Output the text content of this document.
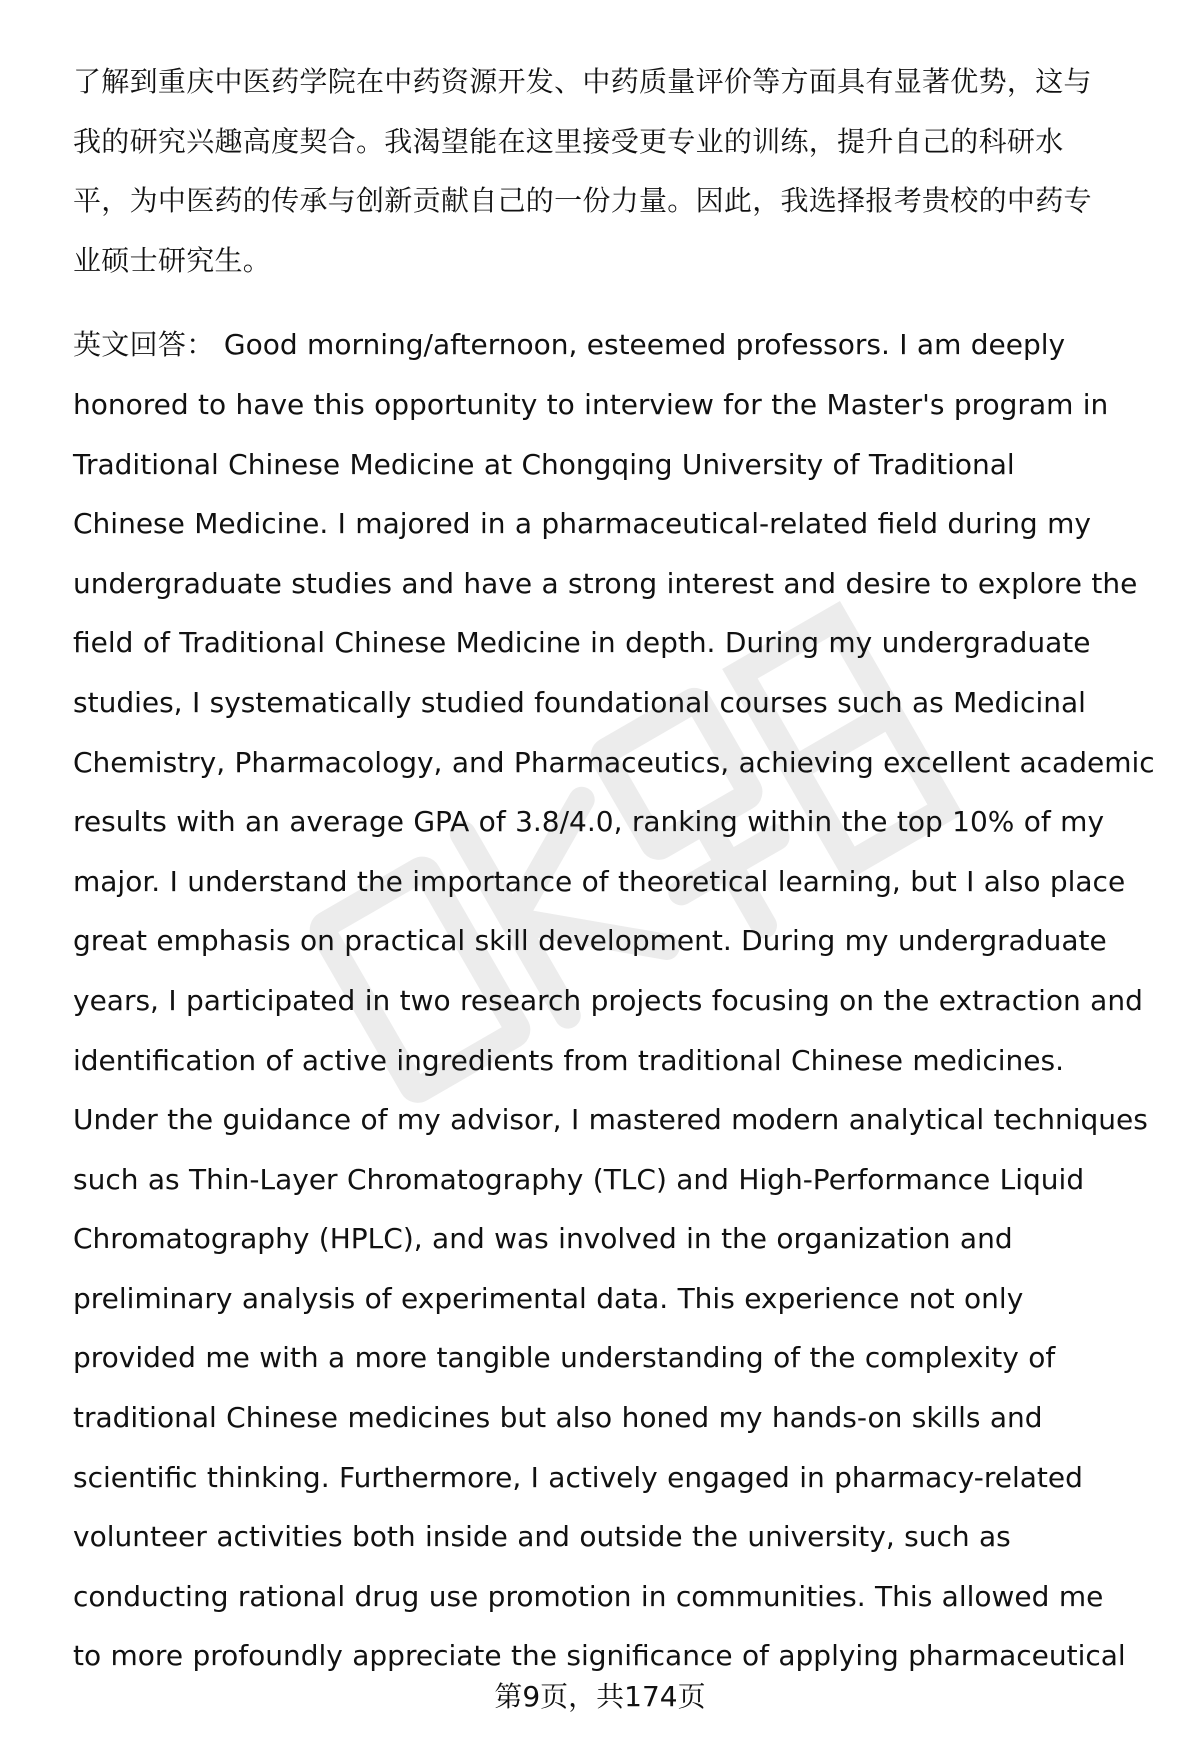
了解到重庆中医药学院在中药资源开发、中药质量评价等方面具有显著优势，这与
我的研究兴趣高度契合。我渴望能在这里接受更专业的训练，提升自己的科研水
平，为中医药的传承与创新贡献自己的一份力量。因此，我选择报考贵校的中药专
业硕士研究生。

英文回答： Good morning/afternoon, esteemed professors. I am deeply
honored to have this opportunity to interview for the Master's program in
Traditional Chinese Medicine at Chongqing University of Traditional
Chinese Medicine. I majored in a pharmaceutical-related field during my
undergraduate studies and have a strong interest and desire to explore the
field of Traditional Chinese Medicine in depth. During my undergraduate
studies, I systematically studied foundational courses such as Medicinal
Chemistry, Pharmacology, and Pharmaceutics, achieving excellent academic
results with an average GPA of 3.8/4.0, ranking within the top 10% of my
major. I understand the importance of theoretical learning, but I also place
great emphasis on practical skill development. During my undergraduate
years, I participated in two research projects focusing on the extraction and
identification of active ingredients from traditional Chinese medicines.
Under the guidance of my advisor, I mastered modern analytical techniques
such as Thin-Layer Chromatography (TLC) and High-Performance Liquid
Chromatography (HPLC), and was involved in the organization and
preliminary analysis of experimental data. This experience not only
provided me with a more tangible understanding of the complexity of
traditional Chinese medicines but also honed my hands-on skills and
scientific thinking. Furthermore, I actively engaged in pharmacy-related
volunteer activities both inside and outside the university, such as
conducting rational drug use promotion in communities. This allowed me
to more profoundly appreciate the significance of applying pharmaceutical

第9页，共174页
